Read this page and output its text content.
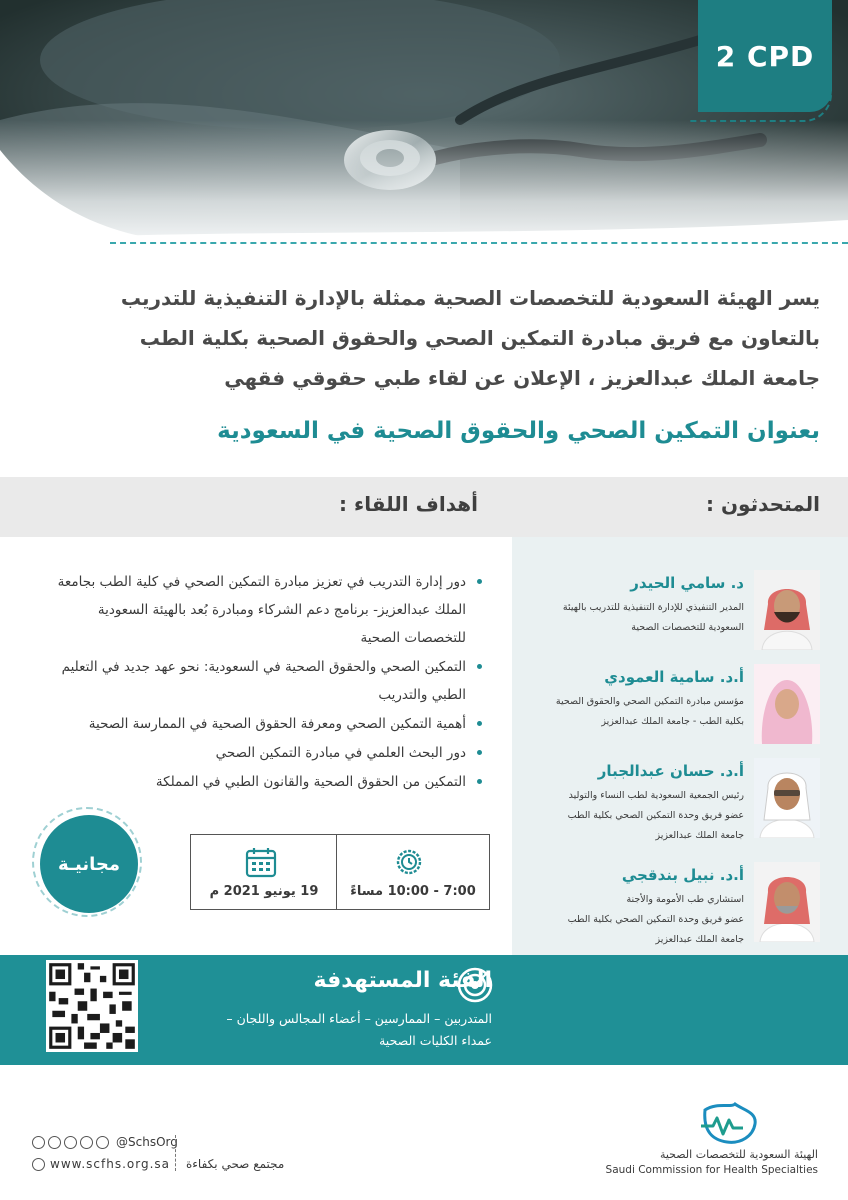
2 CPD
يسر الهيئة السعودية للتخصصات الصحية ممثلة بالإدارة التنفيذية للتدريب
بالتعاون مع فريق مبادرة التمكين الصحي والحقوق الصحية بكلية الطب
جامعة الملك عبدالعزيز ، الإعلان عن لقاء طبي حقوقي فقهي
بعنوان التمكين الصحي والحقوق الصحية في السعودية
المتحدثون :
أهداف اللقاء :
د. سامي الحيدر
المدير التنفيذي للإدارة التنفيذية للتدريب بالهيئة
السعودية للتخصصات الصحية
أ.د. سامية العمودي
مؤسس مبادرة التمكين الصحي والحقوق الصحية
بكلية الطب - جامعة الملك عبدالعزيز
أ.د. حسان عبدالجبار
رئيس الجمعية السعودية لطب النساء والتوليد
عضو فريق وحدة التمكين الصحي بكلية الطب
جامعة الملك عبدالعزيز
أ.د. نبيل بندقجي
استشاري طب الأمومة والأجنة
عضو فريق وحدة التمكين الصحي بكلية الطب
جامعة الملك عبدالعزيز
دور إدارة التدريب في تعزيز مبادرة التمكين الصحي في كلية الطب بجامعة الملك عبدالعزيز- برنامج دعم الشركاء ومبادرة بُعد بالهيئة السعودية للتخصصات الصحية
التمكين الصحي والحقوق الصحية في السعودية: نحو عهد جديد في التعليم الطبي والتدريب
أهمية التمكين الصحي ومعرفة الحقوق الصحية في الممارسة الصحية
دور البحث العلمي في مبادرة التمكين الصحي
التمكين من الحقوق الصحية والقانون الطبي في المملكة
مجانيـة
19 يونيو 2021 م	7:00 - 10:00 مساءً
الفئة المستهدفة
المتدربين – الممارسين – أعضاء المجالس واللجان –
عمداء الكليات الصحية
@SchsOrg
www.scfhs.org.sa مجتمع صحي بكفاءة
الهيئة السعودية للتخصصات الصحية
Saudi Commission for Health Specialties
